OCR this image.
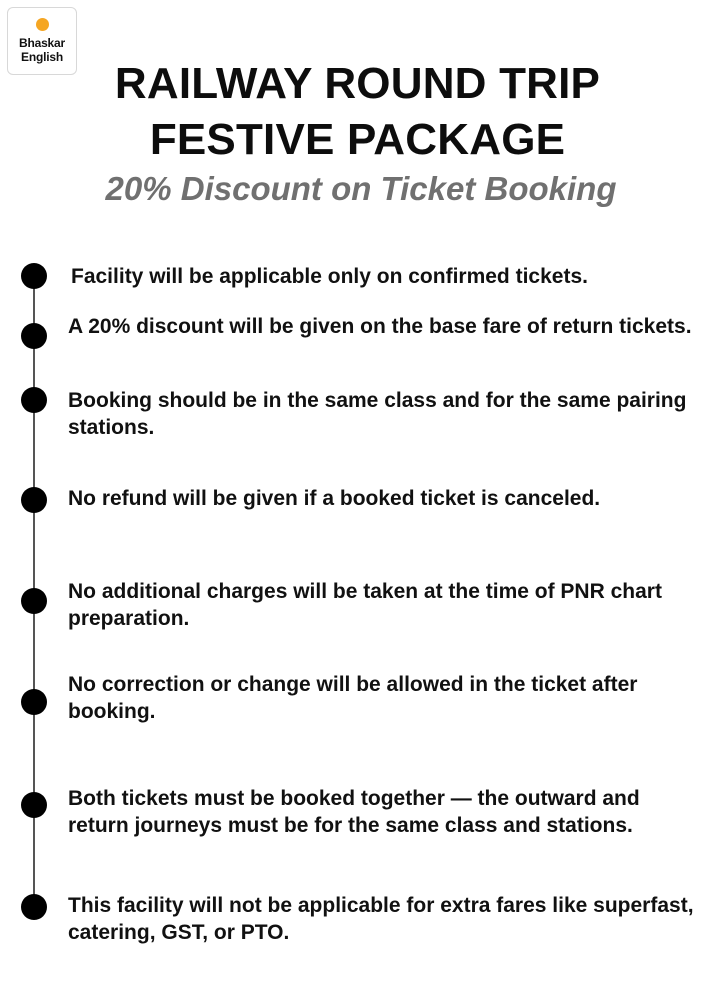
Bhaskar
English
RAILWAY ROUND TRIP
FESTIVE PACKAGE
20% Discount on Ticket Booking
Facility will be applicable only on confirmed tickets.
A 20% discount will be given on the base fare of return tickets.
Booking should be in the same class and for the same pairing stations.
No refund will be given if a booked ticket is canceled.
No additional charges will be taken at the time of PNR chart preparation.
No correction or change will be allowed in the ticket after booking.
Both tickets must be booked together — the outward and return journeys must be for the same class and stations.
This facility will not be applicable for extra fares like superfast, catering, GST, or PTO.
